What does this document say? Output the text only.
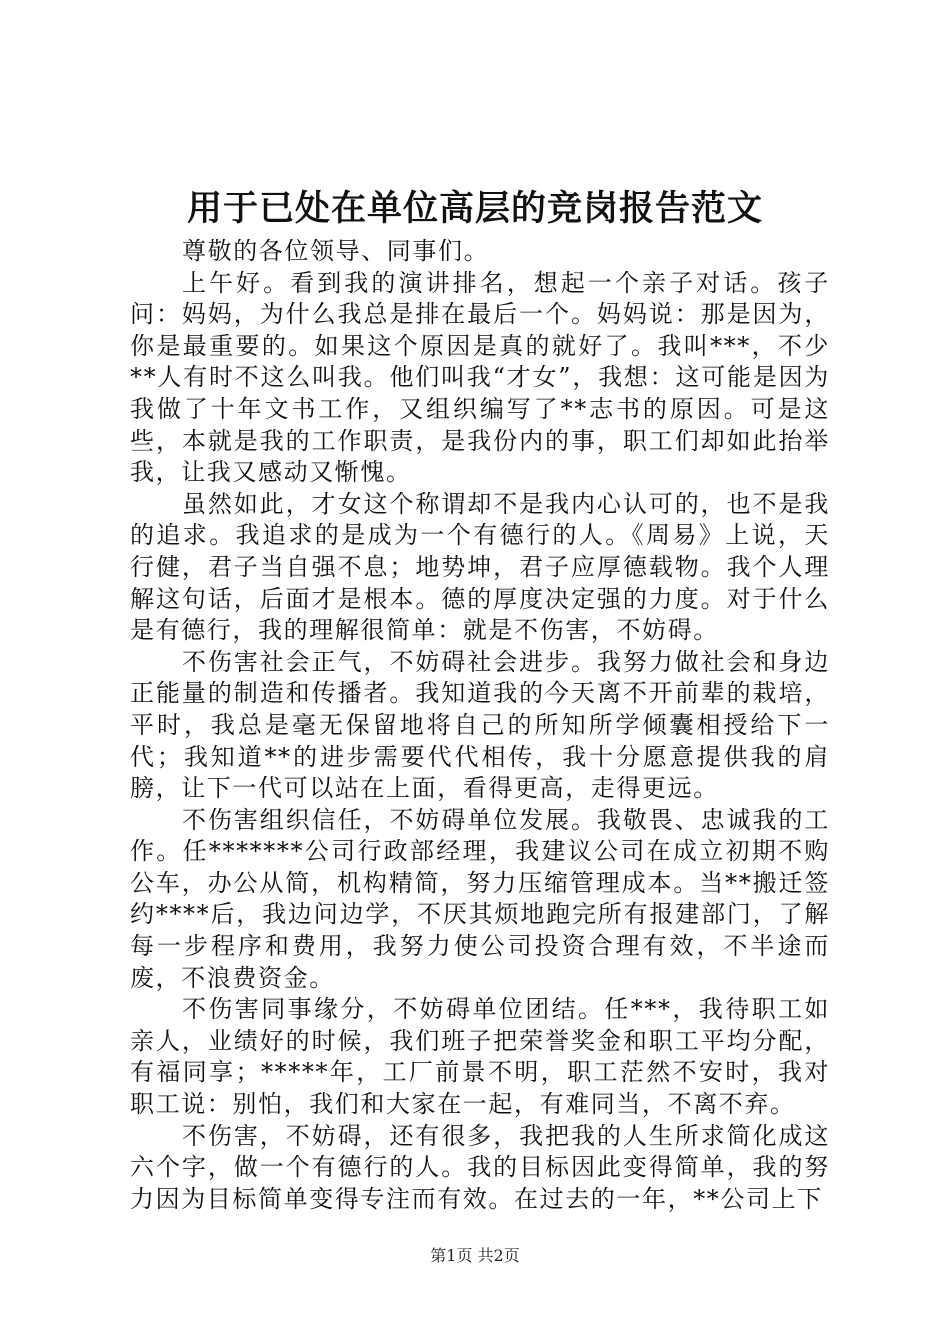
用于已处在单位高层的竞岗报告范文

尊敬的各位领导、同事们。

上午好。看到我的演讲排名，想起一个亲子对话。孩子问：妈妈，为什么我总是排在最后一个。妈妈说：那是因为，你是最重要的。如果这个原因是真的就好了。我叫***，不少**人有时不这么叫我。他们叫我“才女”，我想：这可能是因为我做了十年文书工作，又组织编写了**志书的原因。可是这些，本就是我的工作职责，是我份内的事，职工们却如此抬举我，让我又感动又惭愧。

虽然如此，才女这个称谓却不是我内心认可的，也不是我的追求。我追求的是成为一个有德行的人。《周易》上说，天行健，君子当自强不息；地势坤，君子应厚德载物。我个人理解这句话，后面才是根本。德的厚度决定强的力度。对于什么是有德行，我的理解很简单：就是不伤害，不妨碍。

不伤害社会正气，不妨碍社会进步。我努力做社会和身边正能量的制造和传播者。我知道我的今天离不开前辈的栽培，平时，我总是毫无保留地将自己的所知所学倾囊相授给下一代；我知道**的进步需要代代相传，我十分愿意提供我的肩膀，让下一代可以站在上面，看得更高，走得更远。

不伤害组织信任，不妨碍单位发展。我敬畏、忠诚我的工作。任*******公司行政部经理，我建议公司在成立初期不购公车，办公从简，机构精简，努力压缩管理成本。当**搬迁签约****后，我边问边学，不厌其烦地跑完所有报建部门，了解每一步程序和费用，我努力使公司投资合理有效，不半途而废，不浪费资金。

不伤害同事缘分，不妨碍单位团结。任***，我待职工如亲人，业绩好的时候，我们班子把荣誉奖金和职工平均分配，有福同享；*****年，工厂前景不明，职工茫然不安时，我对职工说：别怕，我们和大家在一起，有难同当，不离不弃。

不伤害，不妨碍，还有很多，我把我的人生所求简化成这六个字，做一个有德行的人。我的目标因此变得简单，我的努力因为目标简单变得专注而有效。在过去的一年，**公司上下

第1页 共2页
